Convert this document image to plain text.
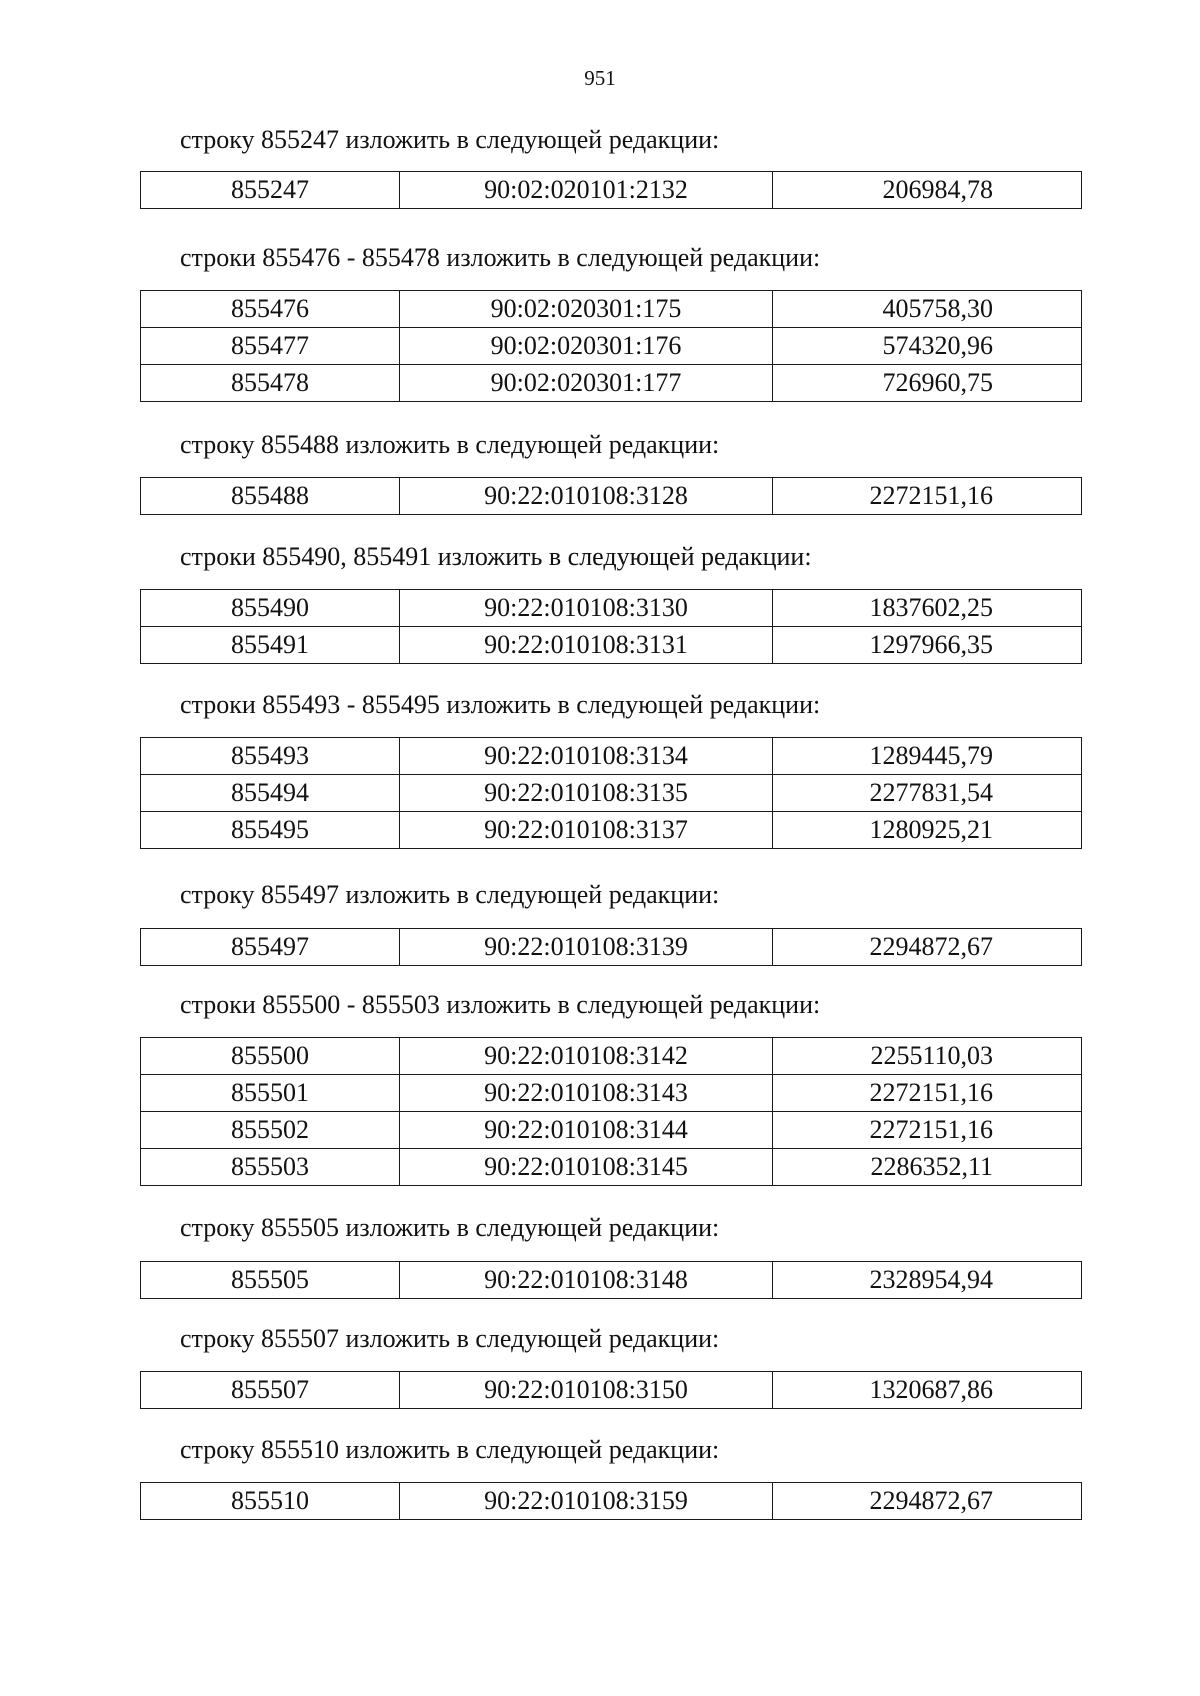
951
строку 855247 изложить в следующей редакции:
855247	90:02:020101:2132	206984,78
строки 855476 - 855478 изложить в следующей редакции:
855476	90:02:020301:175	405758,30
855477	90:02:020301:176	574320,96
855478	90:02:020301:177	726960,75
строку 855488 изложить в следующей редакции:
855488	90:22:010108:3128	2272151,16
строки 855490, 855491 изложить в следующей редакции:
855490	90:22:010108:3130	1837602,25
855491	90:22:010108:3131	1297966,35
строки 855493 - 855495 изложить в следующей редакции:
855493	90:22:010108:3134	1289445,79
855494	90:22:010108:3135	2277831,54
855495	90:22:010108:3137	1280925,21
строку 855497 изложить в следующей редакции:
855497	90:22:010108:3139	2294872,67
строки 855500 - 855503 изложить в следующей редакции:
855500	90:22:010108:3142	2255110,03
855501	90:22:010108:3143	2272151,16
855502	90:22:010108:3144	2272151,16
855503	90:22:010108:3145	2286352,11
строку 855505 изложить в следующей редакции:
855505	90:22:010108:3148	2328954,94
строку 855507 изложить в следующей редакции:
855507	90:22:010108:3150	1320687,86
строку 855510 изложить в следующей редакции:
855510	90:22:010108:3159	2294872,67
